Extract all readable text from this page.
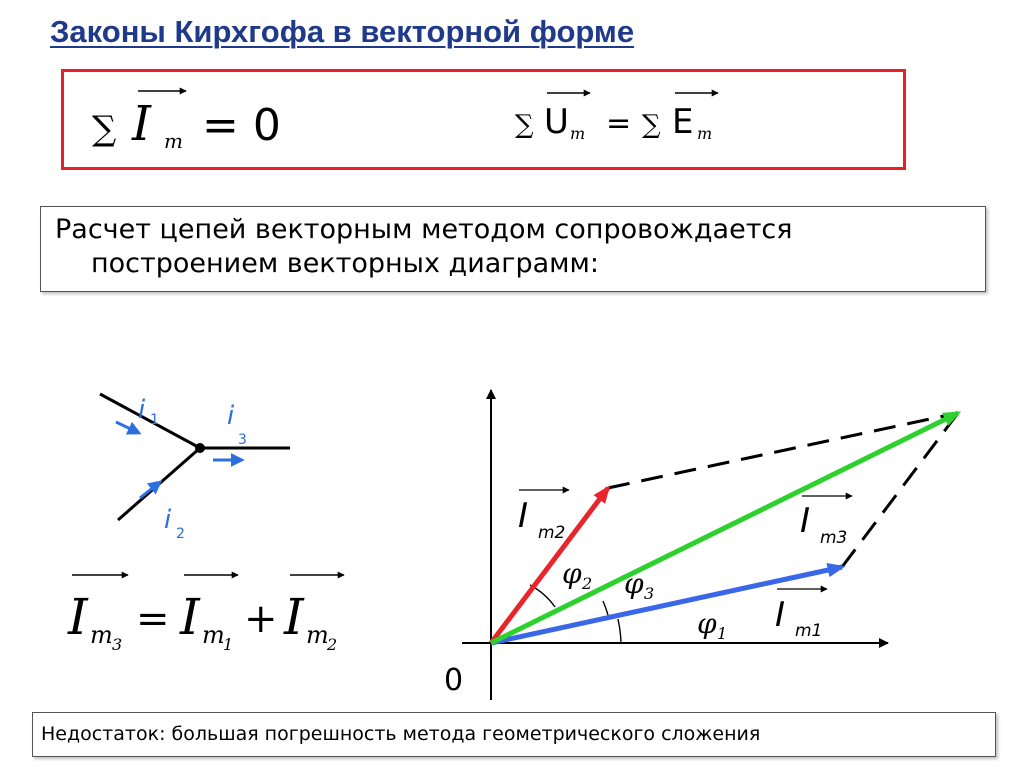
Законы Кирхгофа в векторной форме
Расчет цепей векторным методом сопровождается
построением векторных диаграмм:
Недостаток: большая погрешность метода геометрического сложения
∑ I m = 0	∑ U m = ∑ E m
i 1
i 2
i
3
I m 3
= I m
1
+ I m
2
0
I m1
I m2	I m3
φ 1
φ 2 φ 3
